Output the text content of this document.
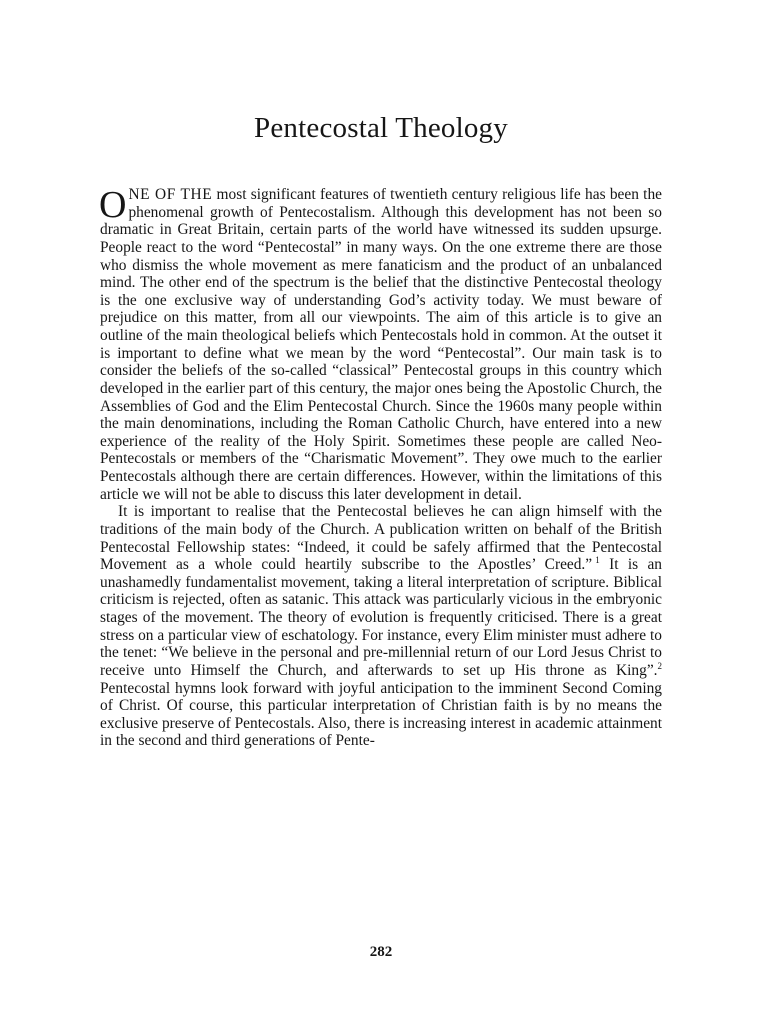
Pentecostal Theology

ONE OF THE most significant features of twentieth century religious life has been the phenomenal growth of Pentecostalism. Although this development has not been so dramatic in Great Britain, certain parts of the world have witnessed its sudden upsurge. People react to the word “Pentecostal” in many ways. On the one extreme there are those who dismiss the whole movement as mere fanaticism and the product of an unbalanced mind. The other end of the spectrum is the belief that the distinctive Pentecostal theology is the one exclusive way of understanding God’s activity today. We must beware of prejudice on this matter, from all our viewpoints. The aim of this article is to give an outline of the main theological beliefs which Pentecostals hold in common. At the outset it is important to define what we mean by the word “Pentecostal”. Our main task is to consider the beliefs of the so-called “classical” Pentecostal groups in this country which developed in the earlier part of this century, the major ones being the Apostolic Church, the Assemblies of God and the Elim Pentecostal Church. Since the 1960s many people within the main denominations, including the Roman Catholic Church, have entered into a new experience of the reality of the Holy Spirit. Sometimes these people are called Neo-Pentecostals or members of the “Charismatic Movement”. They owe much to the earlier Pentecostals although there are certain differences. However, within the limitations of this article we will not be able to discuss this later development in detail.

It is important to realise that the Pentecostal believes he can align himself with the traditions of the main body of the Church. A publication written on behalf of the British Pentecostal Fellowship states: “Indeed, it could be safely affirmed that the Pentecostal Movement as a whole could heartily subscribe to the Apostles’ Creed.”  $^1$ It is an unashamedly fundamentalist movement, taking a literal interpretation of scripture. Biblical criticism is rejected, often as satanic. This attack was particularly vicious in the embryonic stages of the movement. The theory of evolution is frequently criticised. There is a great stress on a particular view of eschatology. For instance, every Elim minister must adhere to the tenet: “We believe in the personal and pre-millennial return of our Lord Jesus Christ to receive unto Himself the Church, and afterwards to set up His throne as King”.$^2$ Pentecostal hymns look forward with joyful anticipation to the imminent Second Coming of Christ. Of course, this particular interpretation of Christian faith is by no means the exclusive preserve of Pentecostals. Also, there is increasing interest in academic attainment in the second and third generations of Pente-

282
